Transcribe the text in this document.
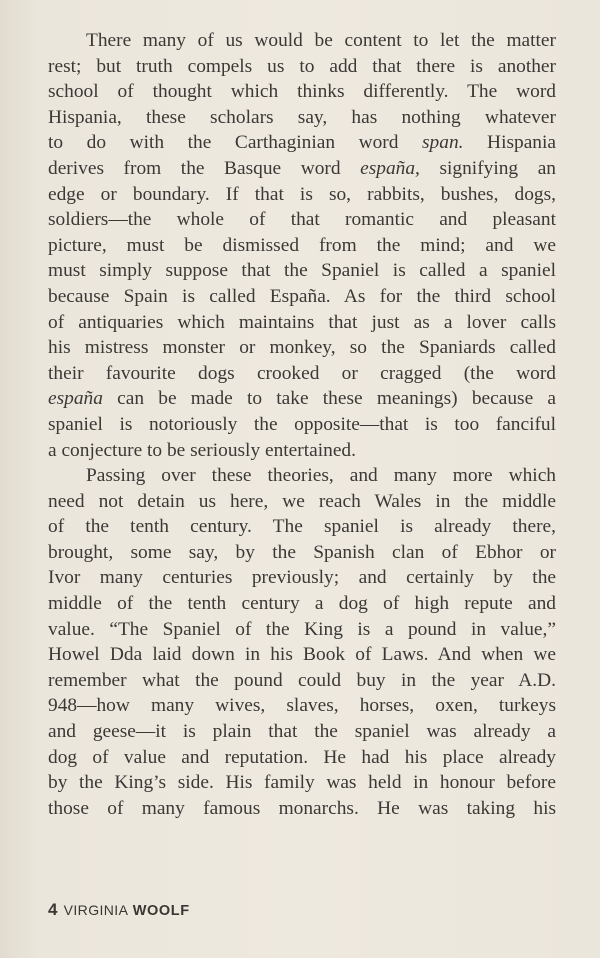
There many of us would be content to let the matter
rest; but truth compels us to add that there is another
school of thought which thinks differently. The word
Hispania, these scholars say, has nothing whatever
to do with the Carthaginian word span. Hispania
derives from the Basque word españa, signifying an
edge or boundary. If that is so, rabbits, bushes, dogs,
soldiers—the whole of that romantic and pleasant
picture, must be dismissed from the mind; and we
must simply suppose that the Spaniel is called a spaniel
because Spain is called España. As for the third school
of antiquaries which maintains that just as a lover calls
his mistress monster or monkey, so the Spaniards called
their favourite dogs crooked or cragged (the word
españa can be made to take these meanings) because a
spaniel is notoriously the opposite—that is too fanciful
a conjecture to be seriously entertained.
Passing over these theories, and many more which
need not detain us here, we reach Wales in the middle
of the tenth century. The spaniel is already there,
brought, some say, by the Spanish clan of Ebhor or
Ivor many centuries previously; and certainly by the
middle of the tenth century a dog of high repute and
value. “The Spaniel of the King is a pound in value,”
Howel Dda laid down in his Book of Laws. And when we
remember what the pound could buy in the year A.D.
948—how many wives, slaves, horses, oxen, turkeys
and geese—it is plain that the spaniel was already a
dog of value and reputation. He had his place already
by the King’s side. His family was held in honour before
those of many famous monarchs. He was taking his
4 VIRGINIA WOOLF
